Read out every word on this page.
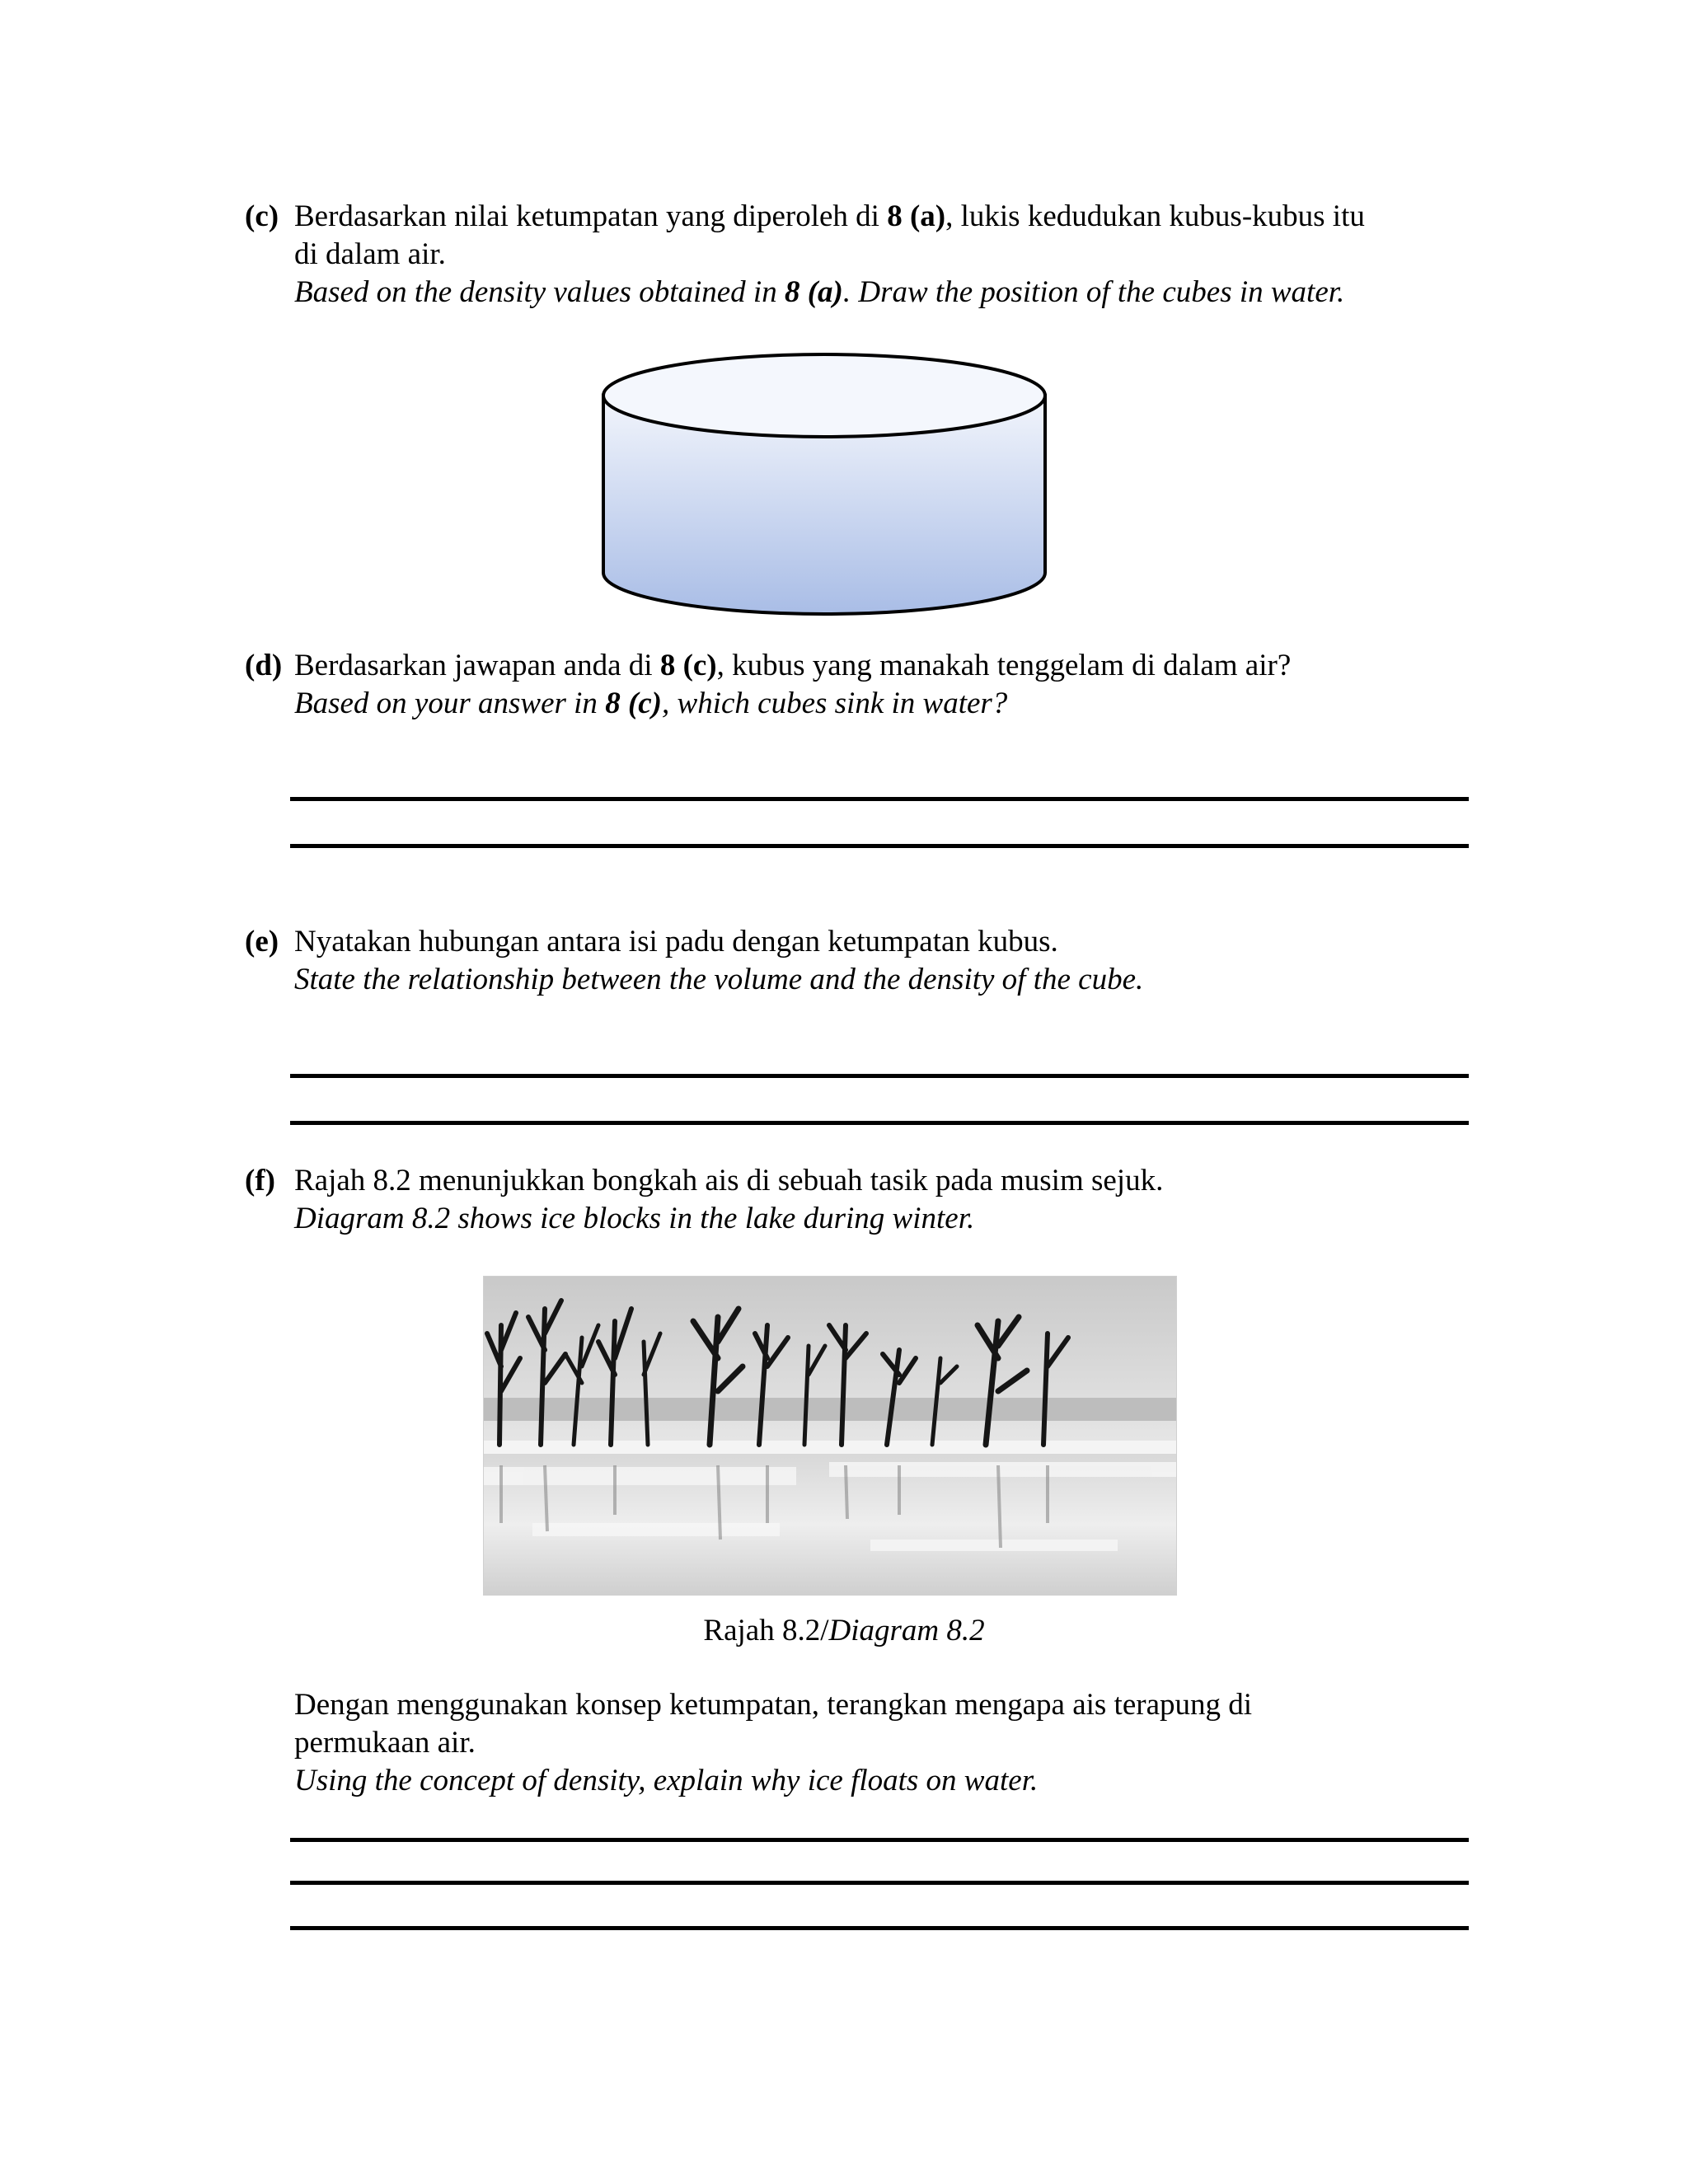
(c) Berdasarkan nilai ketumpatan yang diperoleh di 8 (a), lukis kedudukan kubus-kubus itu
di dalam air.
Based on the density values obtained in 8 (a). Draw the position of the cubes in water.
(d) Berdasarkan jawapan anda di 8 (c), kubus yang manakah tenggelam di dalam air?
Based on your answer in 8 (c), which cubes sink in water?
(e) Nyatakan hubungan antara isi padu dengan ketumpatan kubus.
State the relationship between the volume and the density of the cube.
(f) Rajah 8.2 menunjukkan bongkah ais di sebuah tasik pada musim sejuk.
Diagram 8.2 shows ice blocks in the lake during winter.
Rajah 8.2/Diagram 8.2
Dengan menggunakan konsep ketumpatan, terangkan mengapa ais terapung di
permukaan air.
Using the concept of density, explain why ice floats on water.
